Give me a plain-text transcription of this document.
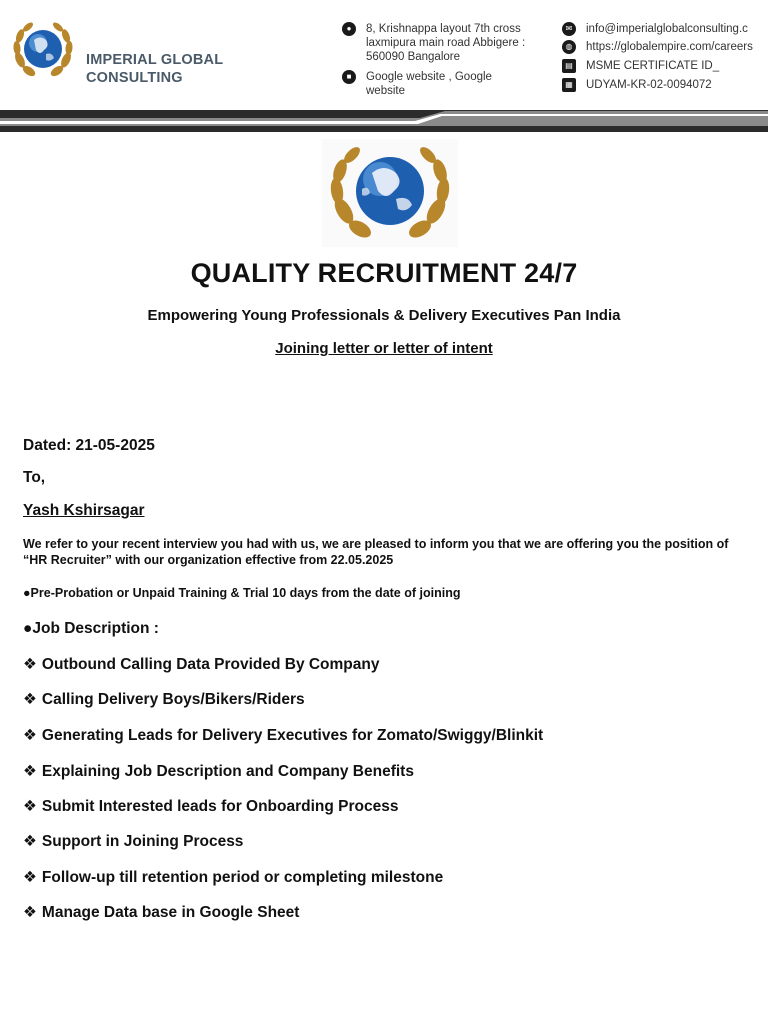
IMPERIAL GLOBAL
CONSULTING
●	8, Krishnappa layout 7th cross
laxmipura main road Abbigere :
560090 Bangalore
■	Google website , Google
website
✉	info@imperialglobalconsulting.c
◍	https://globalempire.com/careers
▤ MSME CERTIFICATE ID_
▦ UDYAM-KR-02-0094072
QUALITY RECRUITMENT 24/7
Empowering Young Professionals & Delivery Executives Pan India
Joining letter or letter of intent
Dated: 21-05-2025
To,
Yash Kshirsagar
We refer to your recent interview you had with us, we are pleased to inform you that we are offering you the position of “HR Recruiter” with our organization effective from 22.05.2025
●Pre-Probation or Unpaid Training & Trial 10 days from the date of joining
●Job Description :
❖ Outbound Calling Data Provided By Company
❖ Calling Delivery Boys/Bikers/Riders
❖ Generating Leads for Delivery Executives for Zomato/Swiggy/Blinkit
❖ Explaining Job Description and Company Benefits
❖ Submit Interested leads for Onboarding Process
❖ Support in Joining Process
❖ Follow-up till retention period or completing milestone
❖ Manage Data base in Google Sheet
